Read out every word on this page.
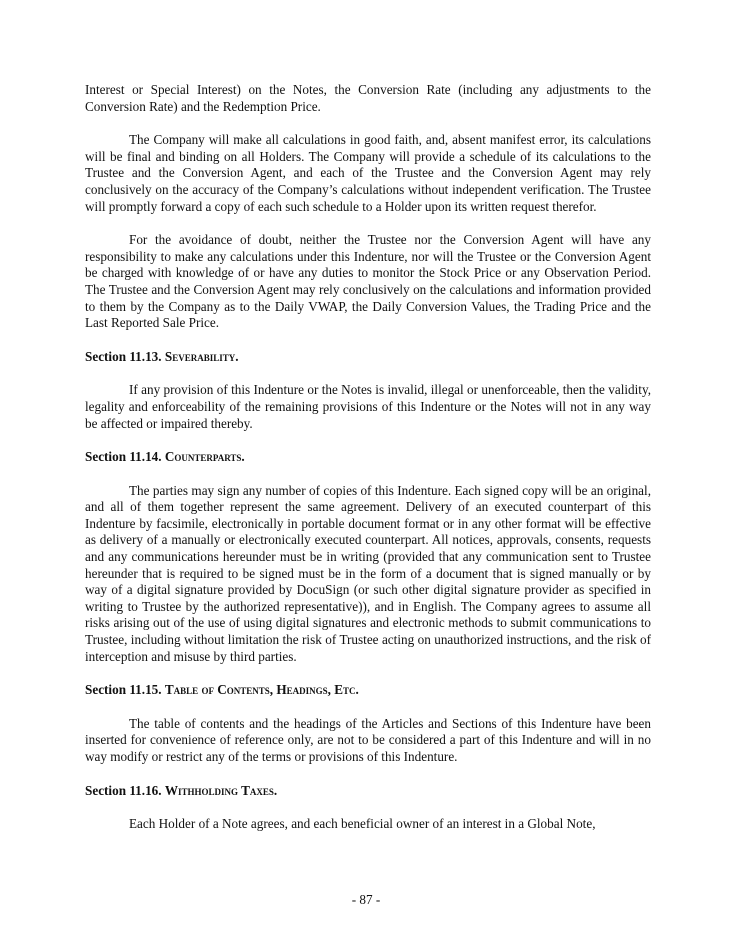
Interest or Special Interest) on the Notes, the Conversion Rate (including any adjustments to the Conversion Rate) and the Redemption Price.

The Company will make all calculations in good faith, and, absent manifest error, its calculations will be final and binding on all Holders. The Company will provide a schedule of its calculations to the Trustee and the Conversion Agent, and each of the Trustee and the Conversion Agent may rely conclusively on the accuracy of the Company’s calculations without independent verification. The Trustee will promptly forward a copy of each such schedule to a Holder upon its written request therefor.

For the avoidance of doubt, neither the Trustee nor the Conversion Agent will have any responsibility to make any calculations under this Indenture, nor will the Trustee or the Conversion Agent be charged with knowledge of or have any duties to monitor the Stock Price or any Observation Period. The Trustee and the Conversion Agent may rely conclusively on the calculations and information provided to them by the Company as to the Daily VWAP, the Daily Conversion Values, the Trading Price and the Last Reported Sale Price.

Section 11.13. Severability.

If any provision of this Indenture or the Notes is invalid, illegal or unenforceable, then the validity, legality and enforceability of the remaining provisions of this Indenture or the Notes will not in any way be affected or impaired thereby.

Section 11.14. Counterparts.

The parties may sign any number of copies of this Indenture. Each signed copy will be an original, and all of them together represent the same agreement. Delivery of an executed counterpart of this Indenture by facsimile, electronically in portable document format or in any other format will be effective as delivery of a manually or electronically executed counterpart. All notices, approvals, consents, requests and any communications hereunder must be in writing (provided that any communication sent to Trustee hereunder that is required to be signed must be in the form of a document that is signed manually or by way of a digital signature provided by DocuSign (or such other digital signature provider as specified in writing to Trustee by the authorized representative)), and in English. The Company agrees to assume all risks arising out of the use of using digital signatures and electronic methods to submit communications to Trustee, including without limitation the risk of Trustee acting on unauthorized instructions, and the risk of interception and misuse by third parties.

Section 11.15. Table of Contents, Headings, Etc.

The table of contents and the headings of the Articles and Sections of this Indenture have been inserted for convenience of reference only, are not to be considered a part of this Indenture and will in no way modify or restrict any of the terms or provisions of this Indenture.

Section 11.16. Withholding Taxes.

Each Holder of a Note agrees, and each beneficial owner of an interest in a Global Note,

- 87 -
